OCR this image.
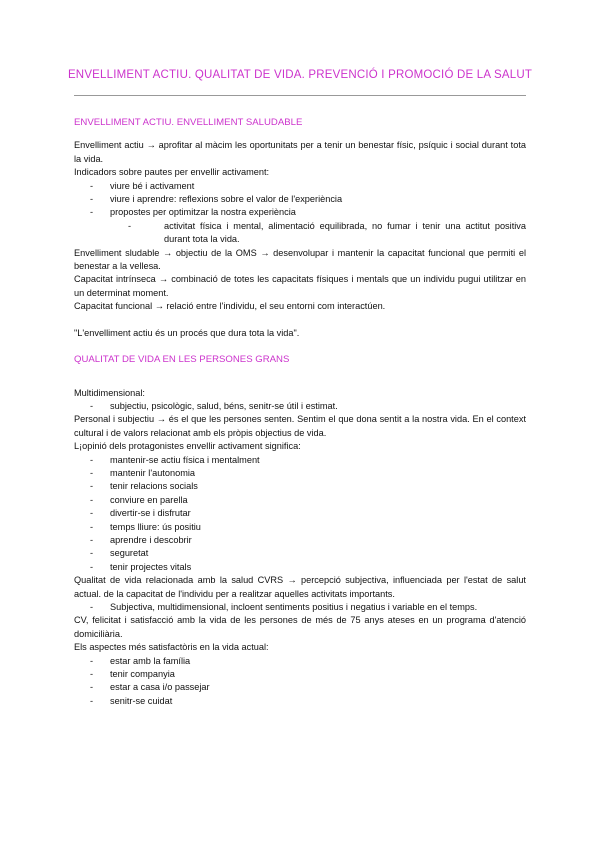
ENVELLIMENT ACTIU. QUALITAT DE VIDA. PREVENCIÓ I PROMOCIÓ DE LA SALUT
ENVELLIMENT ACTIU. ENVELLIMENT SALUDABLE

Envelliment actiu → aprofitar al màcim les oportunitats per a tenir un benestar físic, psíquic i social durant tota la vida.

Indicadors sobre pautes per envellir activament:

- viure bé i activament
- viure i aprendre: reflexions sobre el valor de l'experiència
- propostes per optimitzar la nostra experiència
- activitat física i mental, alimentació equilibrada, no fumar i tenir una actitut positiva durant tota la vida.

Envelliment sludable → objectiu de la OMS → desenvolupar i mantenir la capacitat funcional que permiti el benestar a la vellesa.

Capacitat intrínseca → combinació de totes les capacitats físiques i mentals que un individu pugui utilitzar en un determinat moment.

Capacitat funcional → relació entre l'individu, el seu entorni com interactúen.

"L'envelliment actiu és un procés que dura tota la vida".

QUALITAT DE VIDA EN LES PERSONES GRANS

Multidimensional:

- subjectiu, psicològic, salud, béns, senitr-se útil i estimat.

Personal i subjectiu → és el que les persones senten. Sentim el que dona sentit a la nostra vida. En el context cultural i de valors relacionat amb els pròpis objectius de vida.

L¡opinió dels protagonistes envellir activament significa:

- mantenir-se actiu física i mentalment
- mantenir l'autonomia
- tenir relacions socials
- conviure en parella
- divertir-se i disfrutar
- temps lliure: ús positiu
- aprendre i descobrir
- seguretat
- tenir projectes vitals

Qualitat de vida relacionada amb la salud CVRS → percepció subjectiva, influenciada per l'estat de salut actual. de la capacitat de l'individu per a realitzar aquelles activitats importants.

- Subjectiva, multidimensional, incloent sentiments positius i negatius i variable en el temps.

CV, felicitat i satisfacció amb la vida de les persones de més de 75 anys ateses en un programa d'atenció domiciliària.

Els aspectes més satisfactòris en la vida actual:

- estar amb la família
- tenir companyia
- estar a casa i/o passejar
- senitr-se cuidat
